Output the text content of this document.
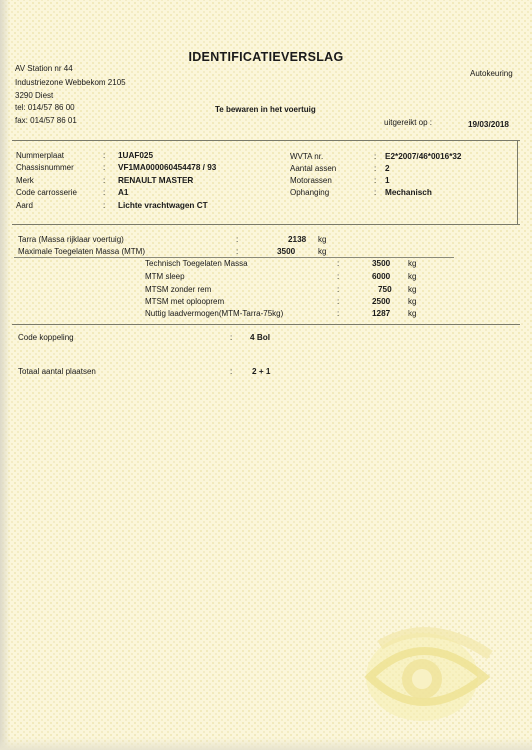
IDENTIFICATIEVERSLAG
AV Station nr 44
Industriezone Webbekom 2105
3290 Diest
tel: 014/57 86 00
fax: 014/57 86 01
Autokeuring
Te bewaren in het voertuig
uitgereikt op :	19/03/2018
Nummerplaat	: 1UAF025
Chassisnummer	: VF1MA000060454478 / 93
Merk	: RENAULT MASTER
Code carrosserie	: A1
Aard	: Lichte vrachtwagen CT
WVTA nr.	: E2*2007/46*0016*32
Aantal assen	: 2
Motorassen	: 1
Ophanging	: Mechanisch
Tarra (Massa rijklaar voertuig)	:	2138 kg
Maximale Toegelaten Massa (MTM)	:	3500	kg
Technisch Toegelaten Massa	:	3500 kg
MTM sleep	:	6000 kg
MTSM zonder rem	:	750 kg
MTSM met oplooprem	:	2500 kg
Nuttig laadvermogen(MTM-Tarra-75kg)	:	1287 kg
Code koppeling	: 4 Bol
Totaal aantal plaatsen	: 2 + 1
